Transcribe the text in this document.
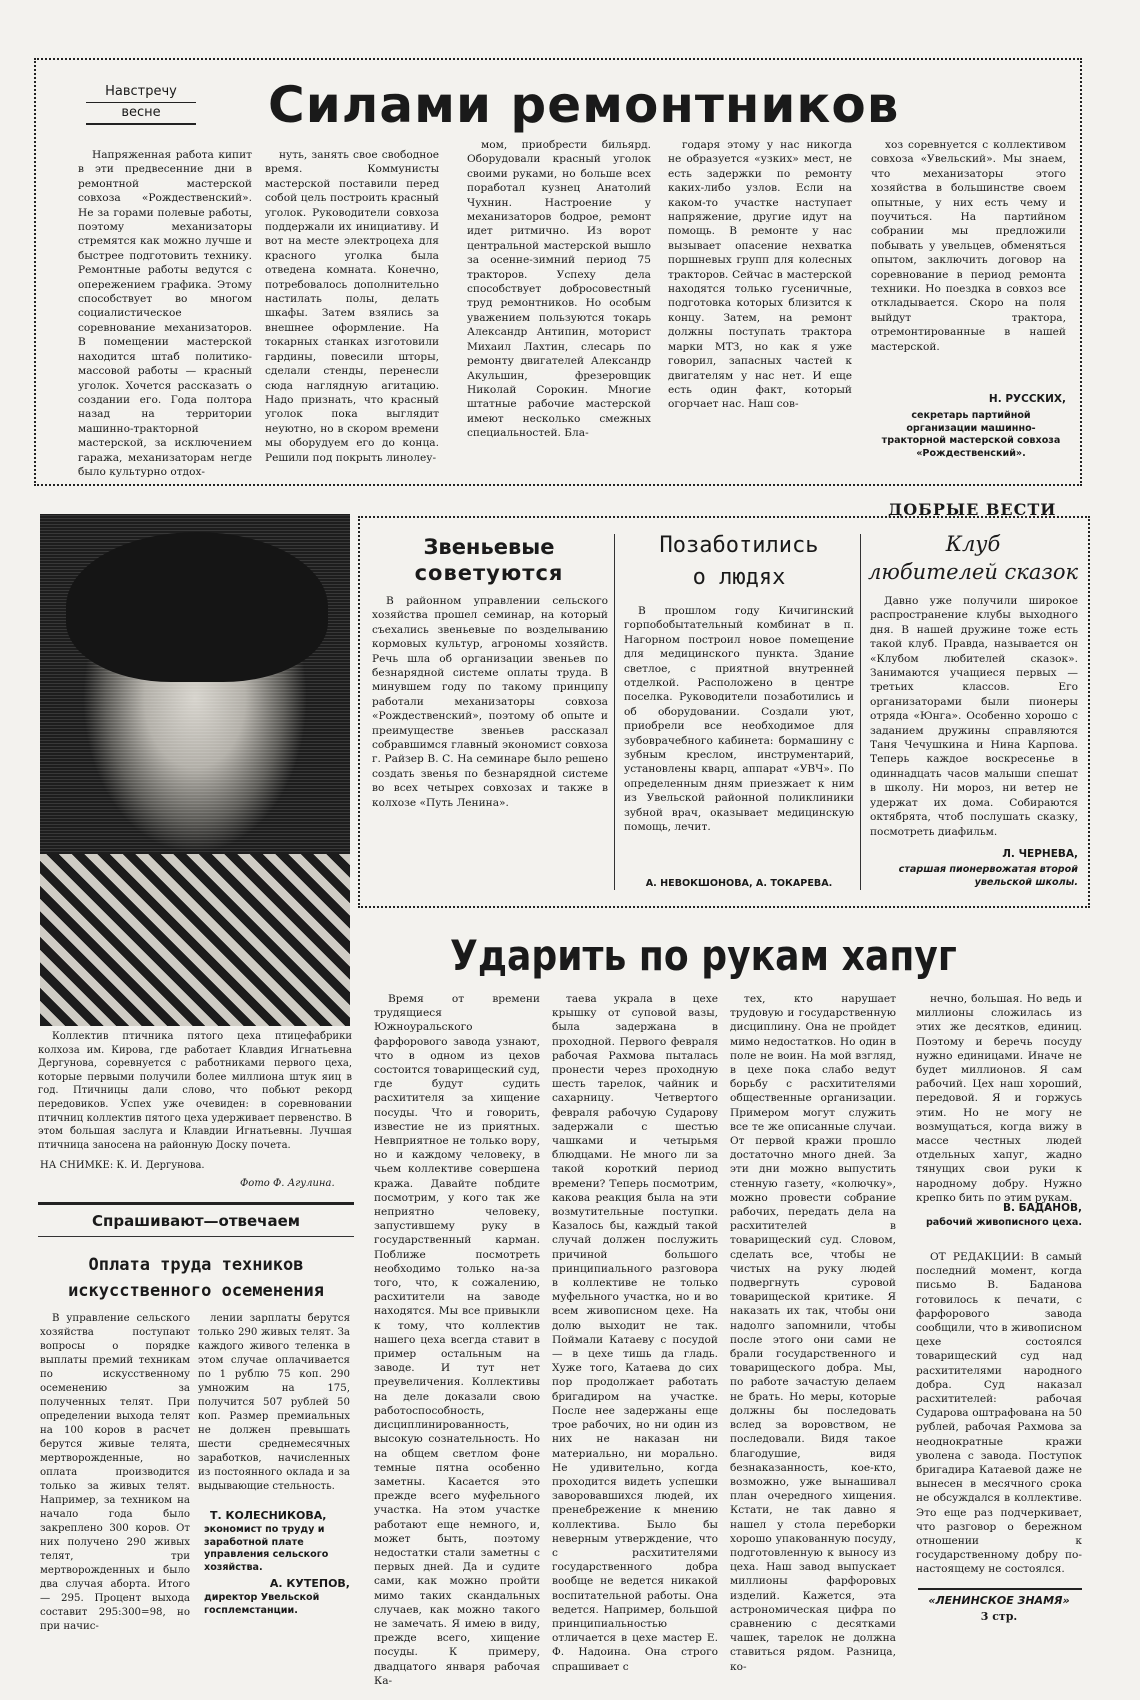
Навстречу
весне	Силами ремонтников
Напряженная работа кипит в эти предвесенние дни в ремонтной мастерской совхоза «Рождественский». Не за горами полевые работы, поэтому механизаторы стремятся как можно лучше и быстрее подготовить технику. Ремонтные работы ведутся с опережением графика. Этому способствует во многом социалистическое соревнование механизаторов. В помещении мастерской находится штаб политико-массовой работы — красный уголок. Хочется рассказать о создании его. Года полтора назад на территории машинно-тракторной мастерской, за исключением гаража, механизаторам негде было культурно отдох-
нуть, занять свое свободное время. Коммунисты мастерской поставили перед собой цель построить красный уголок. Руководители совхоза поддержали их инициативу. И вот на месте электроцеха для красного уголка была отведена комната. Конечно, потребовалось дополнительно настилать полы, делать шкафы. Затем взялись за внешнее оформление. На токарных станках изготовили гардины, повесили шторы, сделали стенды, перенесли сюда наглядную агитацию. Надо признать, что красный уголок пока выглядит неуютно, но в скором времени мы оборудуем его до конца. Решили под покрыть линолеу-
мом, приобрести бильярд. Оборудовали красный уголок своими руками, но больше всех поработал кузнец Анатолий Чухнин. Настроение у механизаторов бодрое, ремонт идет ритмично. Из ворот центральной мастерской вышло за осенне-зимний период 75 тракторов. Успеху дела способствует добросовестный труд ремонтников. Но особым уважением пользуются токарь Александр Антипин, моторист Михаил Лахтин, слесарь по ремонту двигателей Александр Акульшин, фрезеровщик Николай Сорокин. Многие штатные рабочие мастерской имеют несколько смежных специальностей. Бла-
годаря этому у нас никогда не образуется «узких» мест, не есть задержки по ремонту каких-либо узлов. Если на каком-то участке наступает напряжение, другие идут на помощь. В ремонте у нас вызывает опасение нехватка поршневых групп для колесных тракторов. Сейчас в мастерской находятся только гусеничные, подготовка которых близится к концу. Затем, на ремонт должны поступать трактора марки МТЗ, но как я уже говорил, запасных частей к двигателям у нас нет. И еще есть один факт, который огорчает нас. Наш сов-
хоз соревнуется с коллективом совхоза «Увельский». Мы знаем, что механизаторы этого хозяйства в большинстве своем опытные, у них есть чему и поучиться. На партийном собрании мы предложили побывать у увельцев, обменяться опытом, заключить договор на соревнование в период ремонта техники. Но поездка в совхоз все откладывается. Скоро на поля выйдут трактора, отремонтированные в нашей мастерской.
Н. РУССКИХ,
секретарь партийной организации машинно-тракторной мастерской совхоза «Рождественский».
Коллектив птичника пятого цеха птицефабрики колхоза им. Кирова, где работает Клавдия Игнатьевна Дергунова, соревнуется с работниками первого цеха, которые первыми получили более миллиона штук яиц в год. Птичницы дали слово, что побьют рекорд передовиков. Успех уже очевиден: в соревновании птичниц коллектив пятого цеха удерживает первенство. В этом большая заслуга и Клавдии Игнатьевны. Лучшая птичница заносена на районную Доску почета.
НА СНИМКЕ: К. И. Дергунова.
Фото Ф. Агулина.
ДОБРЫЕ ВЕСТИ
Звеньевые
советуются
В районном управлении сельского хозяйства прошел семинар, на который съехались звеньевые по возделыванию кормовых культур, агрономы хозяйств. Речь шла об организации звеньев по безнарядной системе оплаты труда. В минувшем году по такому принципу работали механизаторы совхоза «Рождественский», поэтому об опыте и преимуществе звеньев рассказал собравшимся главный экономист совхоза г. Райзер В. С. На семинаре было решено создать звенья по безнарядной системе во всех четырех совхозах и также в колхозе «Путь Ленина».
Позаботились
о людях
В прошлом году Кичигинский горпобобытательный комбинат в п. Нагорном построил новое помещение для медицинского пункта. Здание светлое, с приятной внутренней отделкой. Расположено в центре поселка. Руководители позаботились и об оборудовании. Создали уют, приобрели все необходимое для зубоврачебного кабинета: бормашину с зубным креслом, инструментарий, установлены кварц, аппарат «УВЧ». По определенным дням приезжает к ним из Увельской районной поликлиники зубной врач, оказывает медицинскую помощь, лечит.
А. НЕВОКШОНОВА, А. ТОКАРЕВА.
Клуб
любителей сказок
Давно уже получили широкое распространение клубы выходного дня. В нашей дружине тоже есть такой клуб. Правда, называется он «Клубом любителей сказок». Занимаются учащиеся первых — третьих классов. Его организаторами были пионеры отряда «Юнга». Особенно хорошо с заданием дружины справляются Таня Чечушкина и Нина Карпова. Теперь каждое воскресенье в одиннадцать часов малыши спешат в школу. Ни мороз, ни ветер не удержат их дома. Собираются октябрята, чтоб послушать сказку, посмотреть диафильм.
Л. ЧЕРНЕВА,
старшая пионервожатая второй увельской школы.
Спрашивают—отвечаем
Оплата труда техников
искусственного осеменения
В управление сельского хозяйства поступают вопросы о порядке выплаты премий техникам по искусственному осеменению за полученных телят. При определении выхода телят на 100 коров в расчет берутся живые телята, мертворожденные, но оплата производится только за живых телят. Например, за техником на начало года было закреплено 300 коров. От них получено 290 живых телят, три мертворожденных и было два случая аборта. Итого — 295. Процент выхода составит 295:300=98, но при начис-
лении зарплаты берутся только 290 живых телят. За каждого живого теленка в этом случае оплачивается по 1 рублю 75 коп. 290 умножим на 175, получится 507 рублей 50 коп. Размер премиальных не должен превышать шести среднемесячных заработков, начисленных из постоянного оклада и за выдывающие стельность.
Т. КОЛЕСНИКОВА,
экономист по труду и заработной плате управления сельского хозяйства.
А. КУТЕПОВ,
директор Увельской госплемстанции.
Ударить по рукам хапуг
Время от времени трудящиеся Южноуральского фарфорового завода узнают, что в одном из цехов состоится товарищеский суд, где будут судить расхитителя за хищение посуды. Что и говорить, известие не из приятных. Невприятное не только вору, но и каждому человеку, в чьем коллективе совершена кража. Давайте побдите посмотрим, у кого так же неприятно человеку, запустившему руку в государственный карман. Поближе посмотреть необходимо только на-за того, что, к сожалению, расхитители на заводе находятся. Мы все привыкли к тому, что коллектив нашего цеха всегда ставит в пример остальным на заводе. И тут нет преувеличения. Коллективы на деле доказали свою работоспособность, дисциплинированность, высокую сознательность. Но на общем светлом фоне темные пятна особенно заметны. Касается это прежде всего муфельного участка. На этом участке работают еще немного, и, может быть, поэтому недостатки стали заметны с первых дней. Да и судите сами, как можно пройти мимо таких скандальных случаев, как можно такого не замечать. Я имею в виду, прежде всего, хищение посуды. К примеру, двадцатого января рабочая Ка-
таева украла в цехе крышку от суповой вазы, была задержана в проходной. Первого февраля рабочая Рахмова пыталась пронести через проходную шесть тарелок, чайник и сахарницу. Четвертого февраля рабочую Сударову задержали с шестью чашками и четырьмя блюдцами. Не много ли за такой короткий период времени? Теперь посмотрим, какова реакция была на эти возмутительные поступки. Казалось бы, каждый такой случай должен послужить причиной большого принципиального разговора в коллективе не только муфельного участка, но и во всем живописном цехе. На долю выходит не так. Поймали Катаеву с посудой — в цехе тишь да гладь. Хуже того, Катаева до сих пор продолжает работать бригадиром на участке. После нее задержаны еще трое рабочих, но ни один из них не наказан ни материально, ни морально. Не удивительно, когда проходится видеть успешки заворовавшихся людей, их пренебрежение к мнению коллектива. Было бы неверным утверждение, что с расхитителями государственного добра вообще не ведется никакой воспитательной работы. Она ведется. Например, большой принципиальностью отличается в цехе мастер Е. Ф. Надоина. Она строго спрашивает с
тех, кто нарушает трудовую и государственную дисциплину. Она не пройдет мимо недостатков. Но один в поле не воин. На мой взгляд, в цехе пока слабо ведут борьбу с расхитителями общественные организации. Примером могут служить все те же описанные случаи. От первой кражи прошло достаточно много дней. За эти дни можно выпустить стенную газету, «колючку», можно провести собрание рабочих, передать дела на расхитителей в товарищеский суд. Словом, сделать все, чтобы не чистых на руку людей подвергнуть суровой товарищеской критике. Я наказать их так, чтобы они надолго запомнили, чтобы после этого они сами не брали государственного и товарищеского добра. Мы, по работе зачастую делаем не брать. Но меры, которые должны бы последовать вслед за воровством, не последовали. Видя такое благодушие, видя безнаказанность, кое-кто, возможно, уже вынашивал план очередного хищения. Кстати, не так давно я нашел у стола переборки хорошо упакованную посуду, подготовленную к выносу из цеха. Наш завод выпускает миллионы фарфоровых изделий. Кажется, эта астрономическая цифра по сравнению с десятками чашек, тарелок не должна ставиться рядом. Разница, ко-
нечно, большая. Но ведь и миллионы сложилась из этих же десятков, единиц. Поэтому и беречь посуду нужно единицами. Иначе не будет миллионов. Я сам рабочий. Цех наш хороший, передовой. Я и горжусь этим. Но не могу не возмущаться, когда вижу в массе честных людей отдельных хапуг, жадно тянущих свои руки к народному добру. Нужно крепко бить по этим рукам.
В. БАДАНОВ,
рабочий живописного цеха.
ОТ РЕДАКЦИИ: В самый последний момент, когда письмо В. Баданова готовилось к печати, с фарфорового завода сообщили, что в живописном цехе состоялся товарищеский суд над расхитителями народного добра. Суд наказал расхитителей: рабочая Сударова оштрафована на 50 рублей, рабочая Рахмова за неоднократные кражи уволена с завода. Поступок бригадира Катаевой даже не вынесен в месячного срока не обсуждался в коллективе. Это еще раз подчеркивает, что разговор о бережном отношении к государственному добру по-настоящему не состоялся.
«ЛЕНИНСКОЕ ЗНАМЯ»
3 стр.
